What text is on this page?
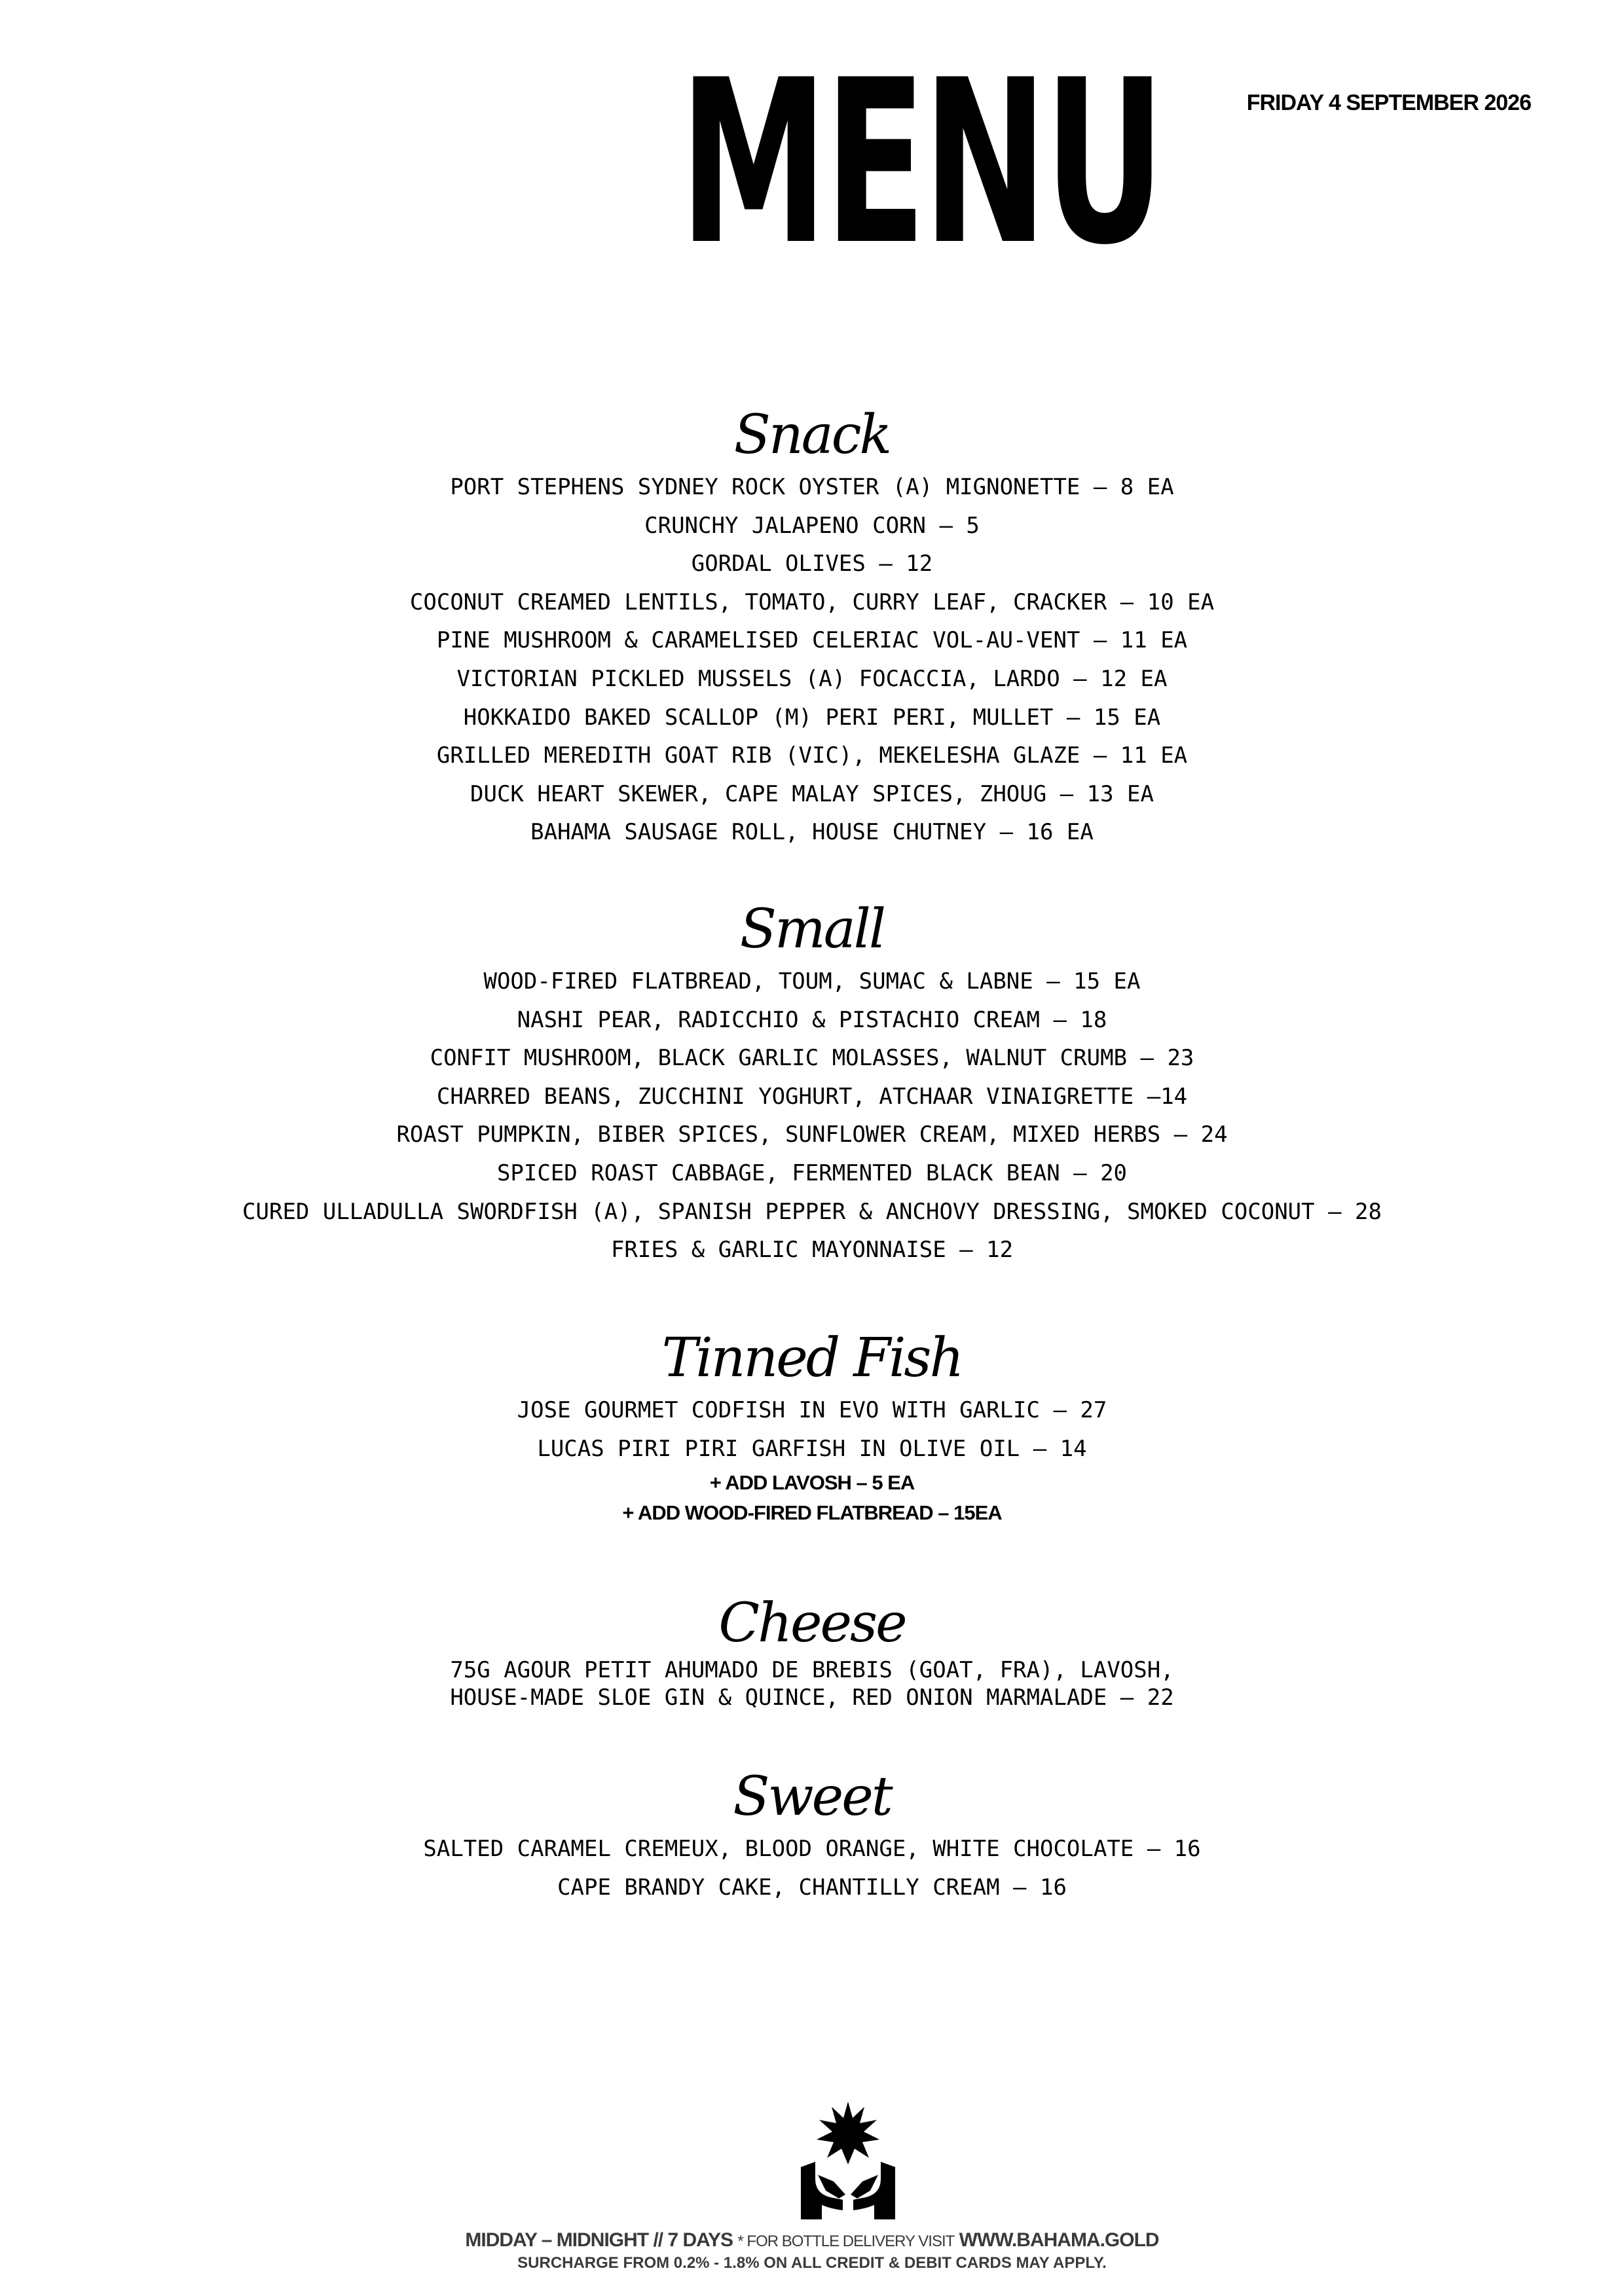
MENU	FRIDAY 4 SEPTEMBER 2026

Snack
PORT STEPHENS SYDNEY ROCK OYSTER (A) MIGNONETTE – 8 EA
CRUNCHY JALAPENO CORN – 5
GORDAL OLIVES – 12
COCONUT CREAMED LENTILS, TOMATO, CURRY LEAF, CRACKER – 10 EA
PINE MUSHROOM & CARAMELISED CELERIAC VOL-AU-VENT – 11 EA
VICTORIAN PICKLED MUSSELS (A) FOCACCIA, LARDO – 12 EA
HOKKAIDO BAKED SCALLOP (M) PERI PERI, MULLET – 15 EA
GRILLED MEREDITH GOAT RIB (VIC), MEKELESHA GLAZE – 11 EA
DUCK HEART SKEWER, CAPE MALAY SPICES, ZHOUG – 13 EA
BAHAMA SAUSAGE ROLL, HOUSE CHUTNEY – 16 EA
Small
WOOD-FIRED FLATBREAD, TOUM, SUMAC & LABNE – 15 EA
NASHI PEAR, RADICCHIO & PISTACHIO CREAM – 18
CONFIT MUSHROOM, BLACK GARLIC MOLASSES, WALNUT CRUMB – 23
CHARRED BEANS, ZUCCHINI YOGHURT, ATCHAAR VINAIGRETTE –14
ROAST PUMPKIN, BIBER SPICES, SUNFLOWER CREAM, MIXED HERBS – 24
SPICED ROAST CABBAGE, FERMENTED BLACK BEAN – 20
CURED ULLADULLA SWORDFISH (A), SPANISH PEPPER & ANCHOVY DRESSING, SMOKED COCONUT – 28
FRIES & GARLIC MAYONNAISE – 12
Tinned Fish
JOSE GOURMET CODFISH IN EVO WITH GARLIC – 27
LUCAS PIRI PIRI GARFISH IN OLIVE OIL – 14
+ ADD LAVOSH – 5 EA
+ ADD WOOD-FIRED FLATBREAD – 15EA
Cheese

75G AGOUR PETIT AHUMADO DE BREBIS (GOAT, FRA), LAVOSH,

HOUSE-MADE SLOE GIN & QUINCE, RED ONION MARMALADE – 22

Sweet
SALTED CARAMEL CREMEUX, BLOOD ORANGE, WHITE CHOCOLATE – 16
CAPE BRANDY CAKE, CHANTILLY CREAM – 16
MIDDAY – MIDNIGHT // 7 DAYS * FOR BOTTLE DELIVERY VISIT WWW.BAHAMA.GOLD
SURCHARGE FROM 0.2% - 1.8% ON ALL CREDIT & DEBIT CARDS MAY APPLY.
